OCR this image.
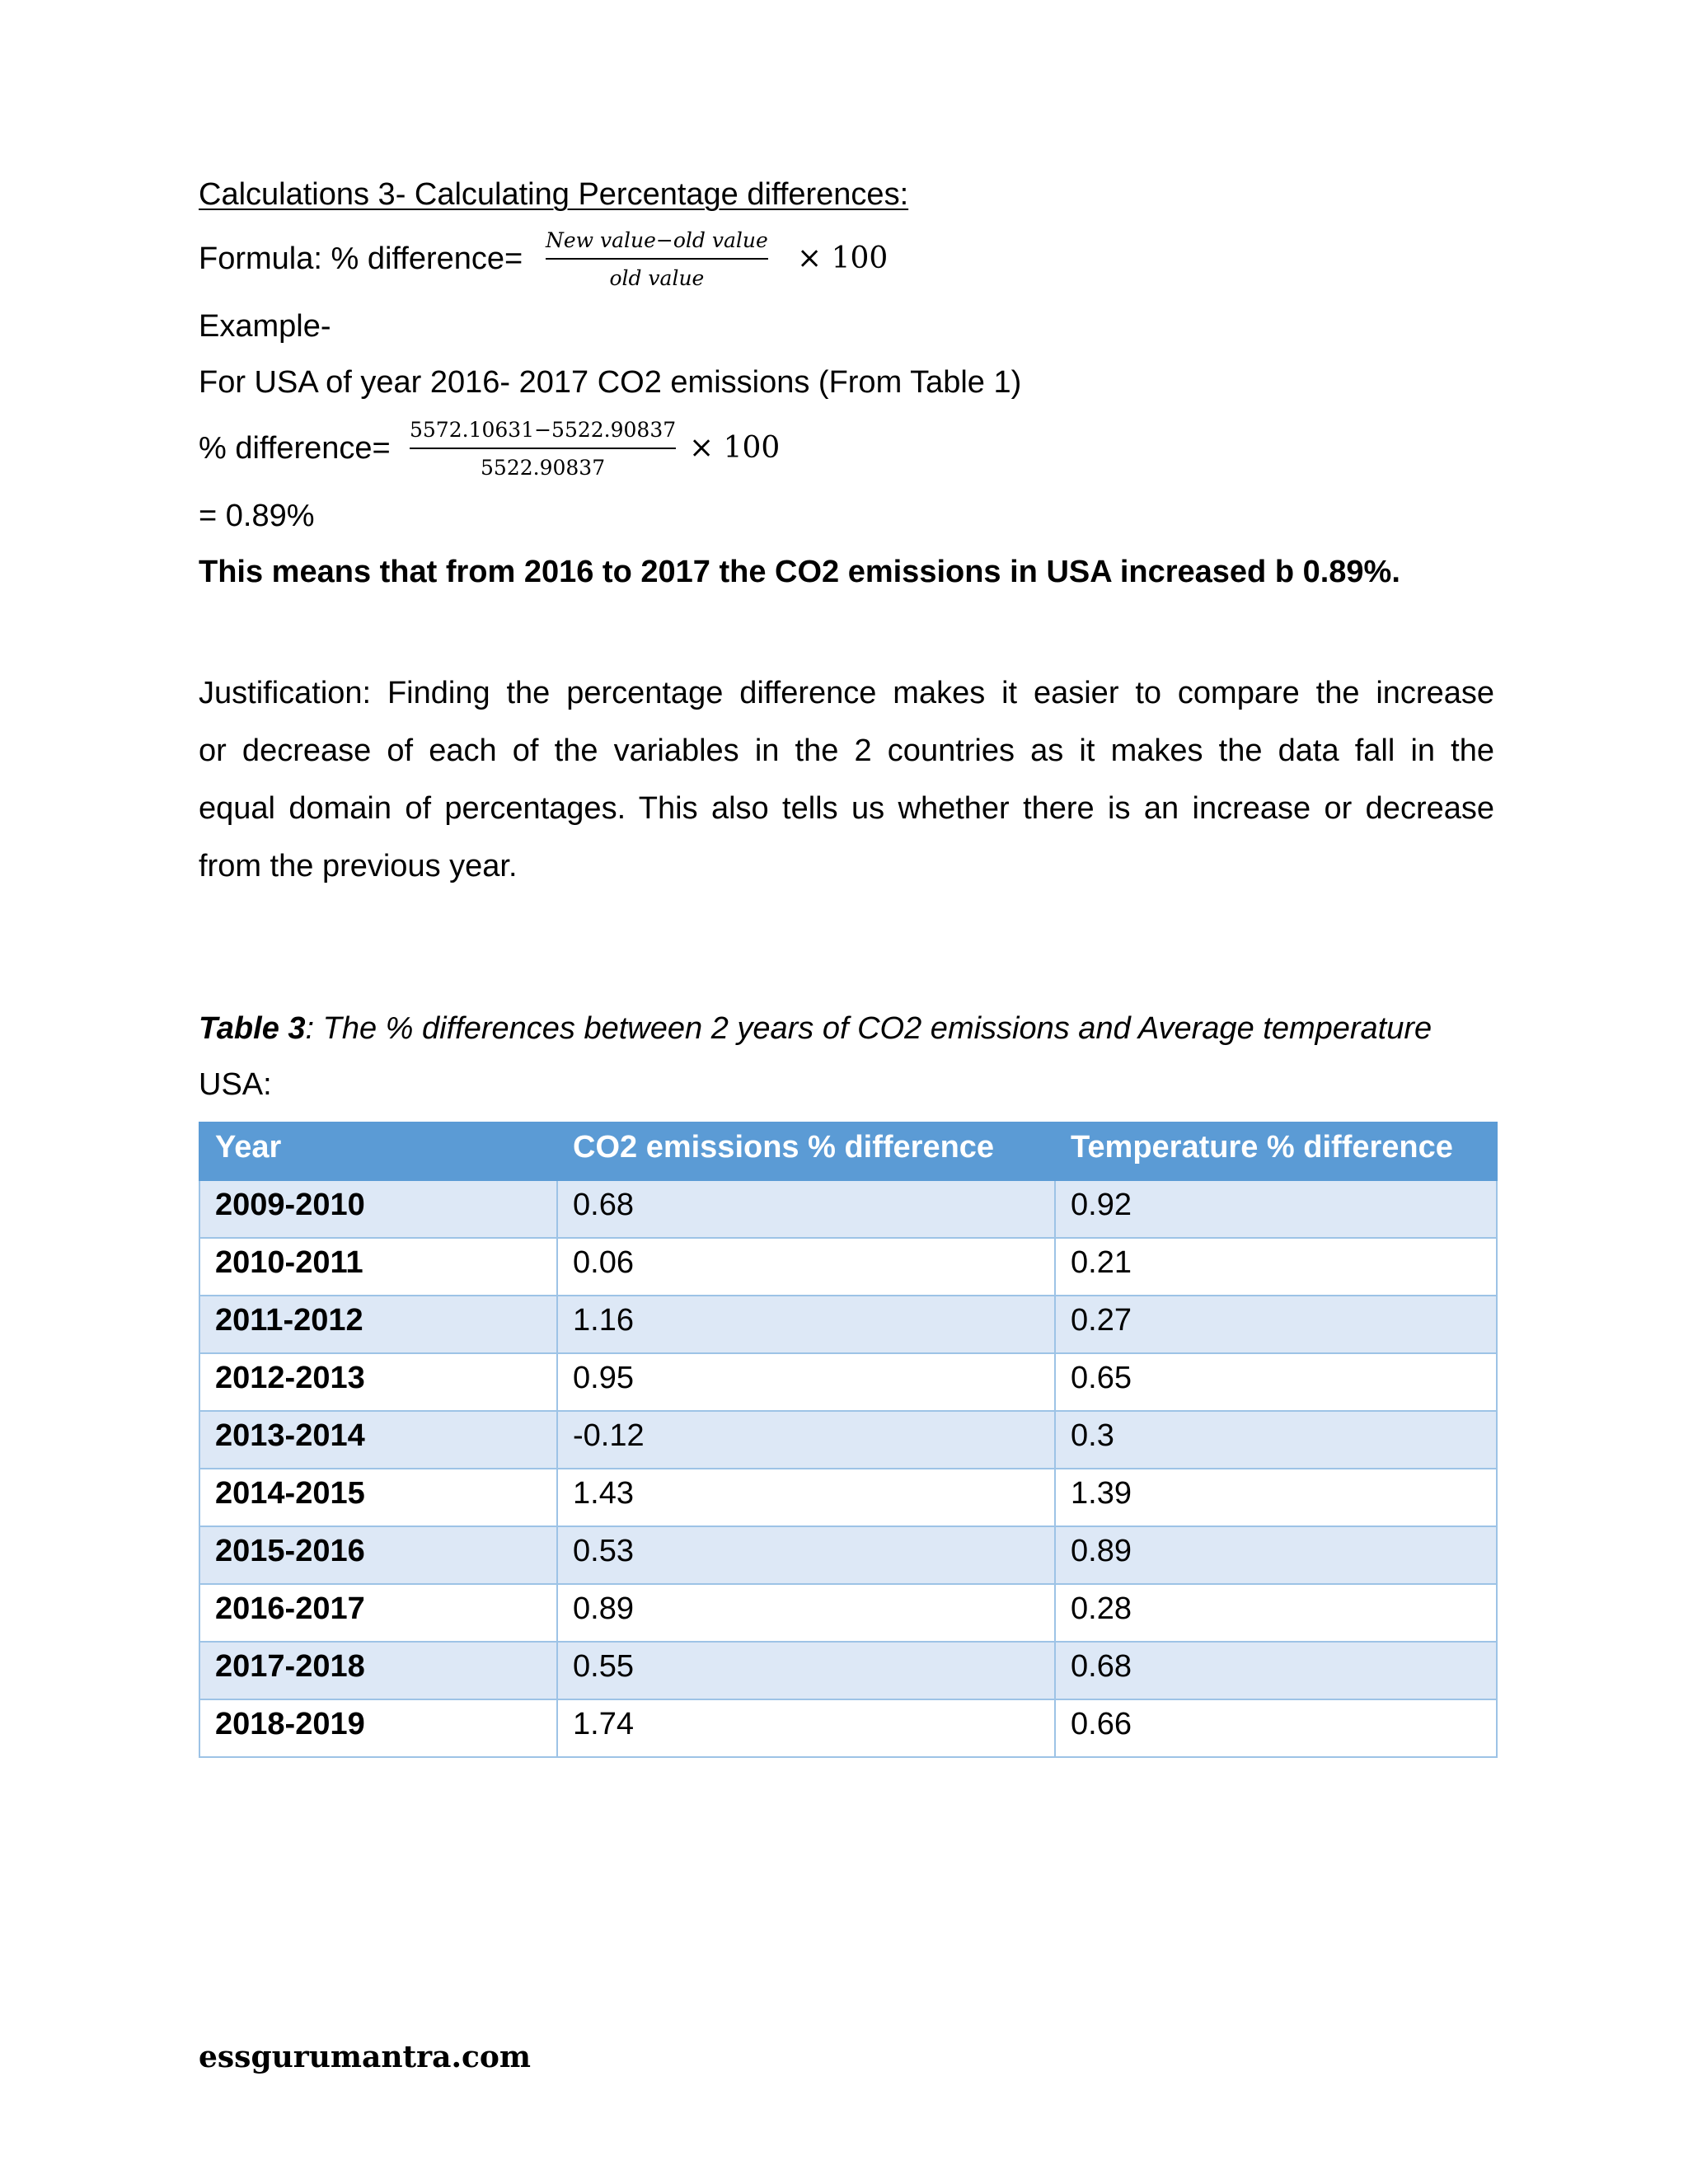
Calculations 3- Calculating Percentage differences:
Formula: % difference=
New value−old value
old value
× 100
Example-
For USA of year 2016- 2017 CO2 emissions (From Table 1)
% difference=
5572.10631−5522.90837
5522.90837
× 100
= 0.89%
This means that from 2016 to 2017 the CO2 emissions in USA increased b 0.89%.
Justification: Finding the percentage difference makes it easier to compare the increase
or decrease of each of the variables in the 2 countries as it makes the data fall in the
equal domain of percentages. This also tells us whether there is an increase or decrease
from the previous year.
Table 3: The % differences between 2 years of CO2 emissions and Average temperature
USA:
Year	CO2 emissions % difference	Temperature % difference
2009-2010	0.68	0.92
2010-2011	0.06	0.21
2011-2012	1.16	0.27
2012-2013	0.95	0.65
2013-2014	-0.12	0.3
2014-2015	1.43	1.39
2015-2016	0.53	0.89
2016-2017	0.89	0.28
2017-2018	0.55	0.68
2018-2019	1.74	0.66
essgurumantra.com
